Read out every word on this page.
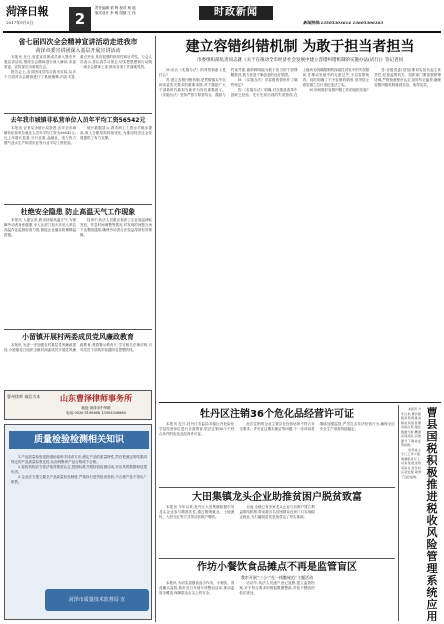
菏泽日報
2017年9月5日	2
责任编辑 梁 辉 校对 杨 旭
版式设计 李 明 组版 王 伟	时政新闻
新闻热线:13505303614 13605306163
省七届四次全会精神宣讲活动走进我市
菏泽市委宣讲团深入基层开展宣讲活动

本报讯 近日,省委宣讲团成员深入我市开展宣讲活动,围绕全会精神进行深入解读,市委常委、宣传部长出席报告会。

报告会上,宣讲团成员结合我市实际,从多个方面对全会精神进行了系统阐释,内容丰富,重点突出,具有很强的指导性和针对性。与会人员表示,将认真学习领会,切实把思想和行动统一到全会精神上来,推动各项工作落地见效。

去年我市城镇非私营单位人员年平均工资56542元

本报讯 记者从市统计局获悉,去年全市城镇非私营单位就业人员年平均工资为56542元,比上年增长显著,分行业看,金融业、电力热力燃气及水生产和供应业等行业平均工资较高。

统计数据显示,我市职工工资水平稳步提高,收入分配结构持续优化,为推动经济社会发展提供了有力支撑。

杜绝安全隐患 防止高温天气工作现象

本报讯 入夏以来,我市持续高温天气,为保障劳动者身体健康,市人社部门加大对用人单位高温作业监督检查力度,督促企业落实防暑降温措施。

检查中,执法人员重点查看了企业高温津贴发放、作息时间调整等情况,对发现的问题当场下达整改通知,确保劳动者合法权益得到有效保障。

小留镇开展村两委成员党风廉政教育

本报讯 为进一步加强农村基层党风廉政建设,小留镇近日组织全镇村两委成员开展党风廉政教育,观看警示教育片,学习相关法律法规,引导党员干部筑牢拒腐防变思想防线。

曹州律师 诚信为本	山东曹泽律师事务所
地址:菏泽市中华路
电话:0530-5198888 13905306888
质量检验检测相关知识

1.产品质量检验是指借助某种手段或方法,测定产品的质量特性,然后把测定的结果同规定的产品质量标准比较,从而判断该产品合格或不合格。

2.检验机构应当依法取得资质认定,按照标准开展检验检测活动,对出具的数据和结果负责。

3.企业应当建立健全产品质量检验制度,严格执行进货检查验收,不合格产品不得出厂销售。

菏泽市质量技术监督局 宣
建立容错纠错机制 为敢于担当者担当
市委组织部负责同志就《关于在推动全市经济社会发展中建立容错纠错机制的实施办法(试行)》答记者问

问:出台《实施办法》的背景和意义是什么?

答:建立容错纠错机制,是贯彻落实中央和省委有关要求的重要举措,对于激励广大干部新时代新担当新作为具有重要意义。《实施办法》坚持严管与厚爱结合、激励与约束并重,旗帜鲜明地为敢于担当的干部撑腰鼓劲,着力营造干事创业的良好氛围。

问:《实施办法》对容错的情形作了哪些规定?

答:《实施办法》明确,对在推进改革中因缺乏经验、先行先试出现的失误错误,在上级尚无明确限制的探索性试验中的失误错误,在推动发展中的无意过失,予以容错免责。同时明确了不予容错的情形,坚决防止借容错之名行违纪违法之实。

问:如何做好容错纠错工作的组织实施?

答:各级党委(党组)要切实担负起主体责任,纪检监察机关、组织部门要加强统筹协调,严格按照程序认定,及时纠正偏差,确保容错纠错机制落到实处、取得实效。

牡丹区注销36个危化品经营许可证

本报讯 近日,牡丹区安监局对辖区内危险化学品经营单位进行全面排查,依法注销36个不符合条件的危化品经营许可证。

此次注销的企业主要存在经营场所不符合安全要求、许可证过期未换证等问题,下一步该局将继续加强监管,严厉打击非法经营行为,确保全区安全生产形势持续稳定。

大田集镇龙头企业助推贫困户脱贫致富

本报讯 今年以来,牡丹区大田集镇积极引导龙头企业参与精准扶贫,通过吸纳就业、土地流转、入股分红等方式带动贫困户增收。

目前,全镇已有多家龙头企业与贫困户建立利益联结机制,带动数百名贫困群众在家门口实现稳定就业,为打赢脱贫攻坚战奠定了坚实基础。

作坊小餐饮食品摊点不再是监管盲区
我市开展“三小”“在一线勤规范”主题活动

本报讯 为切实加强食品小作坊、小餐饮、食品摊点监管,我市近日开展专项整治活动,推动监管全覆盖,保障群众舌尖上的安全。

活动中,执法人员逐户登记造册,建立监管档案,对不符合要求的督促限期整改,对拒不整改的依法查处。

曹县国税积极推进税收风险管理系统应用

本报讯 今年以来,曹县国税局积极推进税收风险管理系统应用,强化数据分析,精准识别风险,有效提升了税收征管质效。

该局成立专门工作小组,明确职责分工,对系统推送的风险任务及时应对处理,取得了良好成效。
